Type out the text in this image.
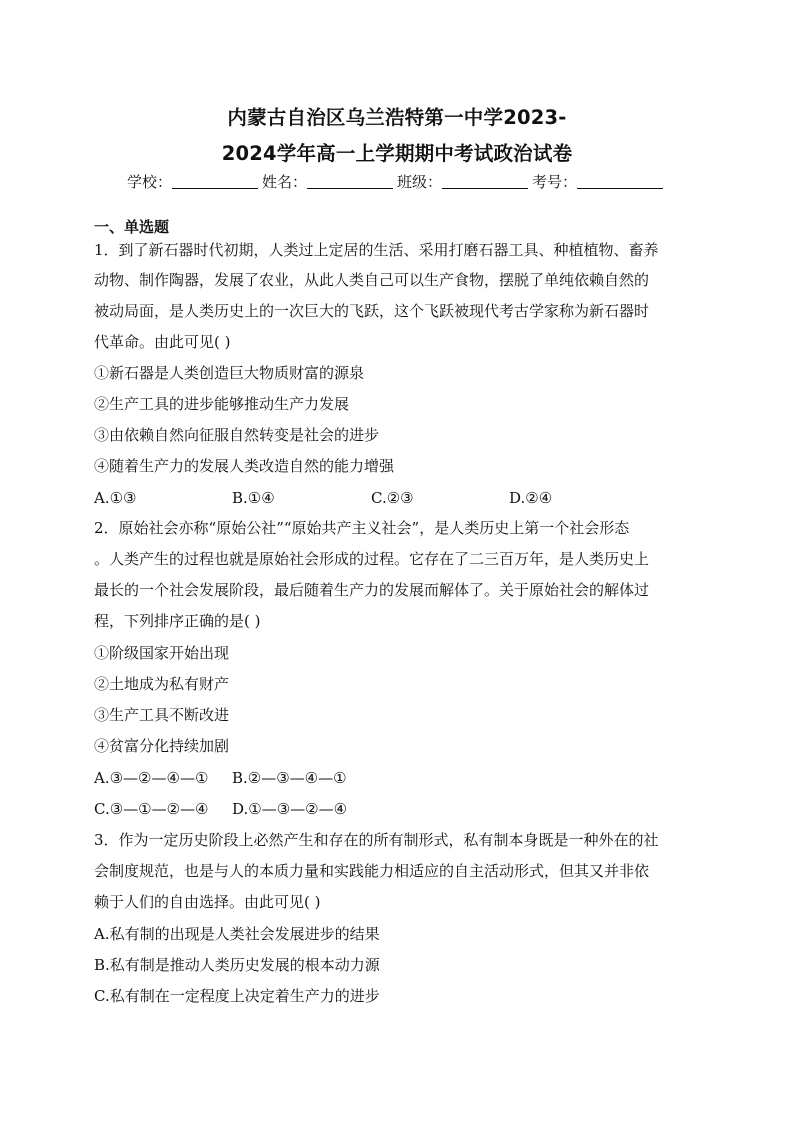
内蒙古自治区乌兰浩特第一中学2023-
2024学年高一上学期期中考试政治试卷
学校：	姓名：	班级：	考号：
一、单选题
1．到了新石器时代初期，人类过上定居的生活、采用打磨石器工具、种植植物、畜养
动物、制作陶器，发展了农业，从此人类自己可以生产食物，摆脱了单纯依赖自然的
被动局面，是人类历史上的一次巨大的飞跃，这个飞跃被现代考古学家称为新石器时
代革命。由此可见( )
①新石器是人类创造巨大物质财富的源泉
②生产工具的进步能够推动生产力发展
③由依赖自然向征服自然转变是社会的进步
④随着生产力的发展人类改造自然的能力增强
A.①③	B.①④	C.②③	D.②④
2．原始社会亦称“原始公社”“原始共产主义社会”，是人类历史上第一个社会形态
。人类产生的过程也就是原始社会形成的过程。它存在了二三百万年，是人类历史上
最长的一个社会发展阶段，最后随着生产力的发展而解体了。关于原始社会的解体过
程，下列排序正确的是( )
①阶级国家开始出现
②土地成为私有财产
③生产工具不断改进
④贫富分化持续加剧
A.③—②—④—① B.②—③—④—①
C.③—①—②—④ D.①—③—②—④
3．作为一定历史阶段上必然产生和存在的所有制形式，私有制本身既是一种外在的社
会制度规范，也是与人的本质力量和实践能力相适应的自主活动形式，但其又并非依
赖于人们的自由选择。由此可见( )
A.私有制的出现是人类社会发展进步的结果
B.私有制是推动人类历史发展的根本动力源
C.私有制在一定程度上决定着生产力的进步
